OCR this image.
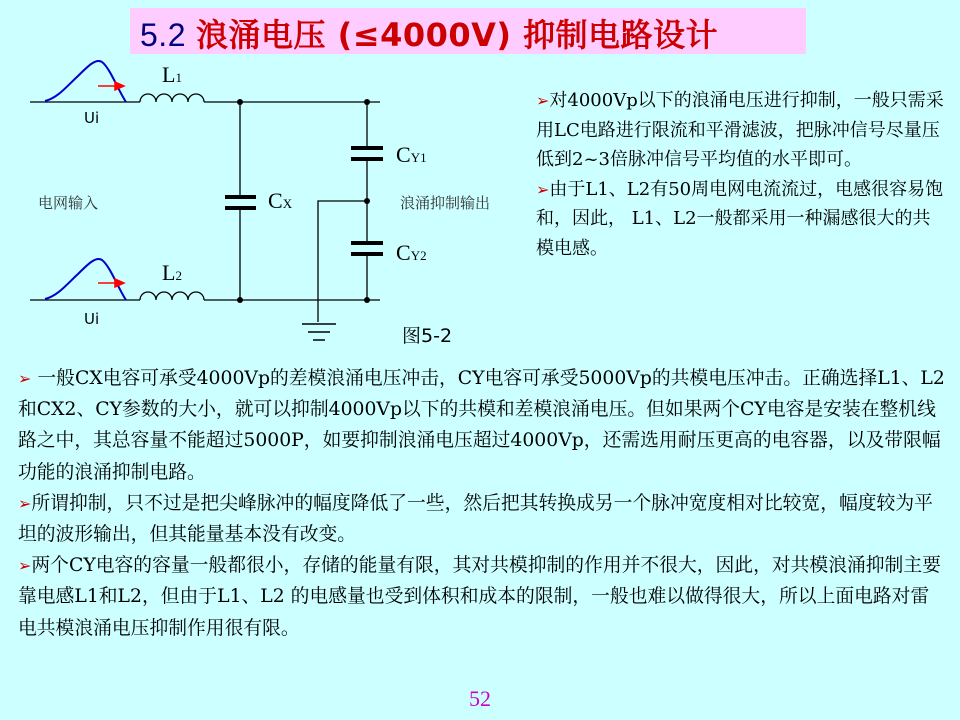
5.2 浪涌电压 (≤4000V) 抑制电路设计
L1
L2
Ui
Ui
CX
CY1
CY2
电网输入	浪涌抑制输出
图5-2

➢对4000Vp以下的浪涌电压进行抑制，一般只需采用LC电路进行限流和平滑滤波，把脉冲信号尽量压低到2~3倍脉冲信号平均值的水平即可。

➢由于L1、L2有50周电网电流流过，电感很容易饱和，因此， L1、L2一般都采用一种漏感很大的共模电感。

➢ 一般CX电容可承受4000Vp的差模浪涌电压冲击，CY电容可承受5000Vp的共模电压冲击。正确选择L1、L2和CX2、CY参数的大小，就可以抑制4000Vp以下的共模和差模浪涌电压。但如果两个CY电容是安装在整机线路之中，其总容量不能超过5000P，如要抑制浪涌电压超过4000Vp，还需选用耐压更高的电容器，以及带限幅功能的浪涌抑制电路。

➢所谓抑制，只不过是把尖峰脉冲的幅度降低了一些，然后把其转换成另一个脉冲宽度相对比较宽，幅度较为平坦的波形输出，但其能量基本没有改变。

➢两个CY电容的容量一般都很小，存储的能量有限，其对共模抑制的作用并不很大，因此，对共模浪涌抑制主要靠电感L1和L2，但由于L1、L2 的电感量也受到体积和成本的限制，一般也难以做得很大，所以上面电路对雷电共模浪涌电压抑制作用很有限。

52
